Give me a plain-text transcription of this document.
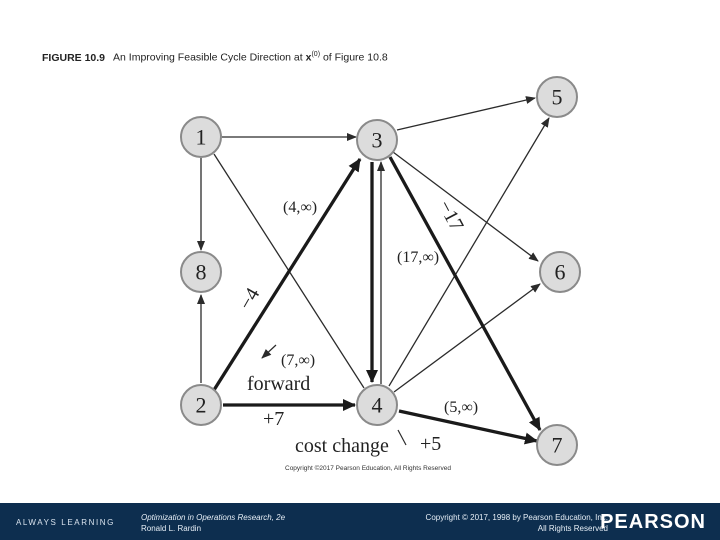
FIGURE 10.9 An Improving Feasible Cycle Direction at $x^{(0)}$ of Figure 10.8
5
1	3
8	6
2	4
7
(4,∞)	−17
(17,∞)
−4
(7,∞)
forward
+7
(5,∞)
cost change +5
Copyright ©2017 Pearson Education, All Rights Reserved
ALWAYS LEARNING
Optimization in Operations Research, 2e
Ronald L. Rardin
Copyright © 2017, 1998 by Pearson Education, Inc.
All Rights Reserved
PEARSON
